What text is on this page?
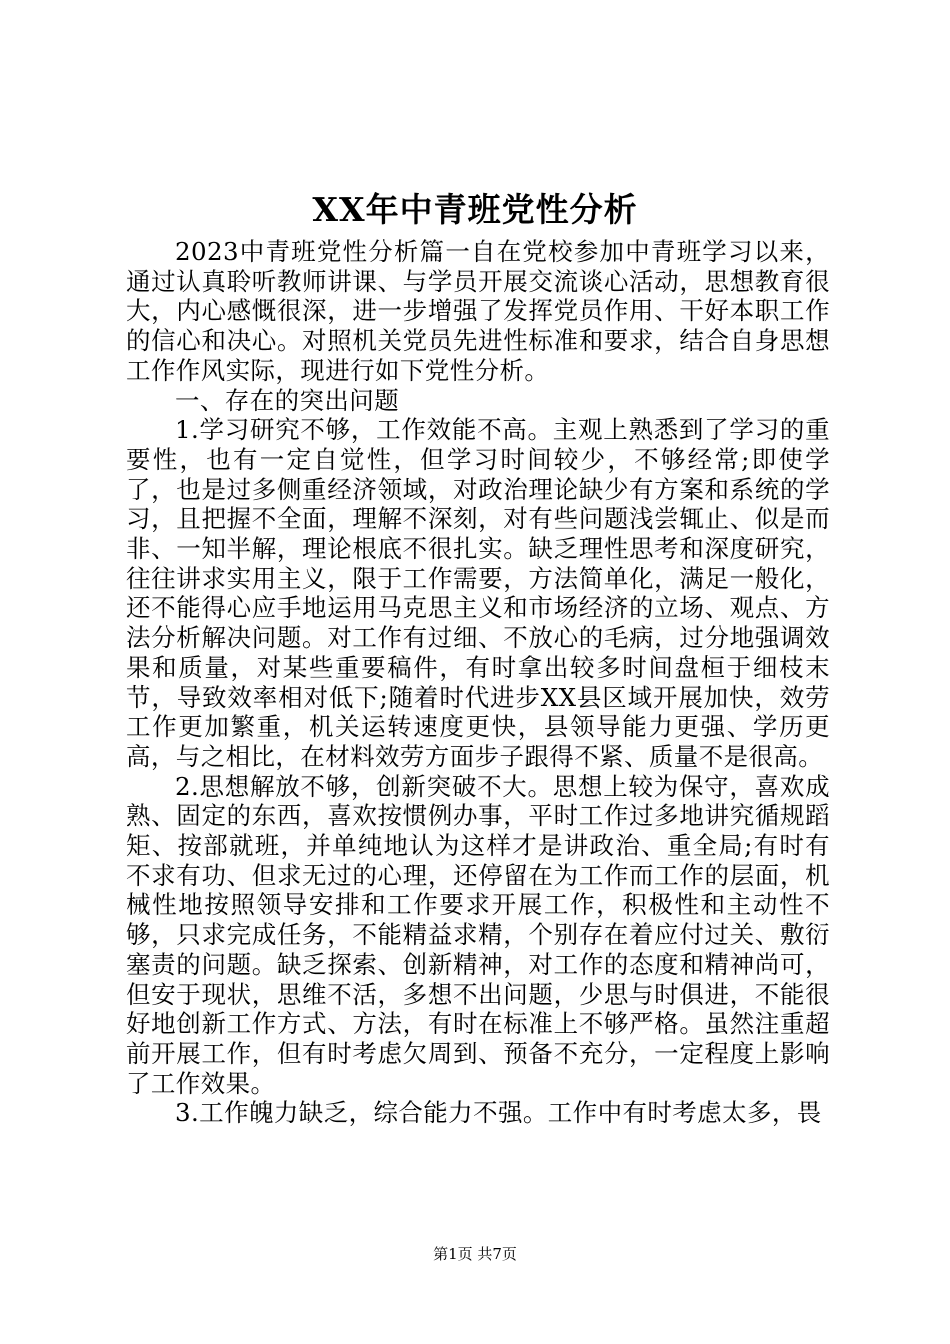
XX年中青班党性分析

2023中青班党性分析篇一自在党校参加中青班学习以来，通过认真聆听教师讲课、与学员开展交流谈心活动，思想教育很大，内心感慨很深，进一步增强了发挥党员作用、干好本职工作的信心和决心。对照机关党员先进性标准和要求，结合自身思想工作作风实际，现进行如下党性分析。

一、存在的突出问题

1.学习研究不够，工作效能不高。主观上熟悉到了学习的重要性，也有一定自觉性，但学习时间较少，不够经常;即使学了，也是过多侧重经济领域，对政治理论缺少有方案和系统的学习，且把握不全面，理解不深刻，对有些问题浅尝辄止、似是而非、一知半解，理论根底不很扎实。缺乏理性思考和深度研究，往往讲求实用主义，限于工作需要，方法简单化，满足一般化，还不能得心应手地运用马克思主义和市场经济的立场、观点、方法分析解决问题。对工作有过细、不放心的毛病，过分地强调效果和质量，对某些重要稿件，有时拿出较多时间盘桓于细枝末节，导致效率相对低下;随着时代进步XX县区域开展加快，效劳工作更加繁重，机关运转速度更快，县领导能力更强、学历更高，与之相比，在材料效劳方面步子跟得不紧、质量不是很高。

2.思想解放不够，创新突破不大。思想上较为保守，喜欢成熟、固定的东西，喜欢按惯例办事，平时工作过多地讲究循规蹈矩、按部就班，并单纯地认为这样才是讲政治、重全局;有时有不求有功、但求无过的心理，还停留在为工作而工作的层面，机械性地按照领导安排和工作要求开展工作，积极性和主动性不够，只求完成任务，不能精益求精，个别存在着应付过关、敷衍塞责的问题。缺乏探索、创新精神，对工作的态度和精神尚可，但安于现状，思维不活，多想不出问题，少思与时俱进，不能很好地创新工作方式、方法，有时在标准上不够严格。虽然注重超前开展工作，但有时考虑欠周到、预备不充分，一定程度上影响了工作效果。

3.工作魄力缺乏，综合能力不强。工作中有时考虑太多，畏

第1页 共7页
